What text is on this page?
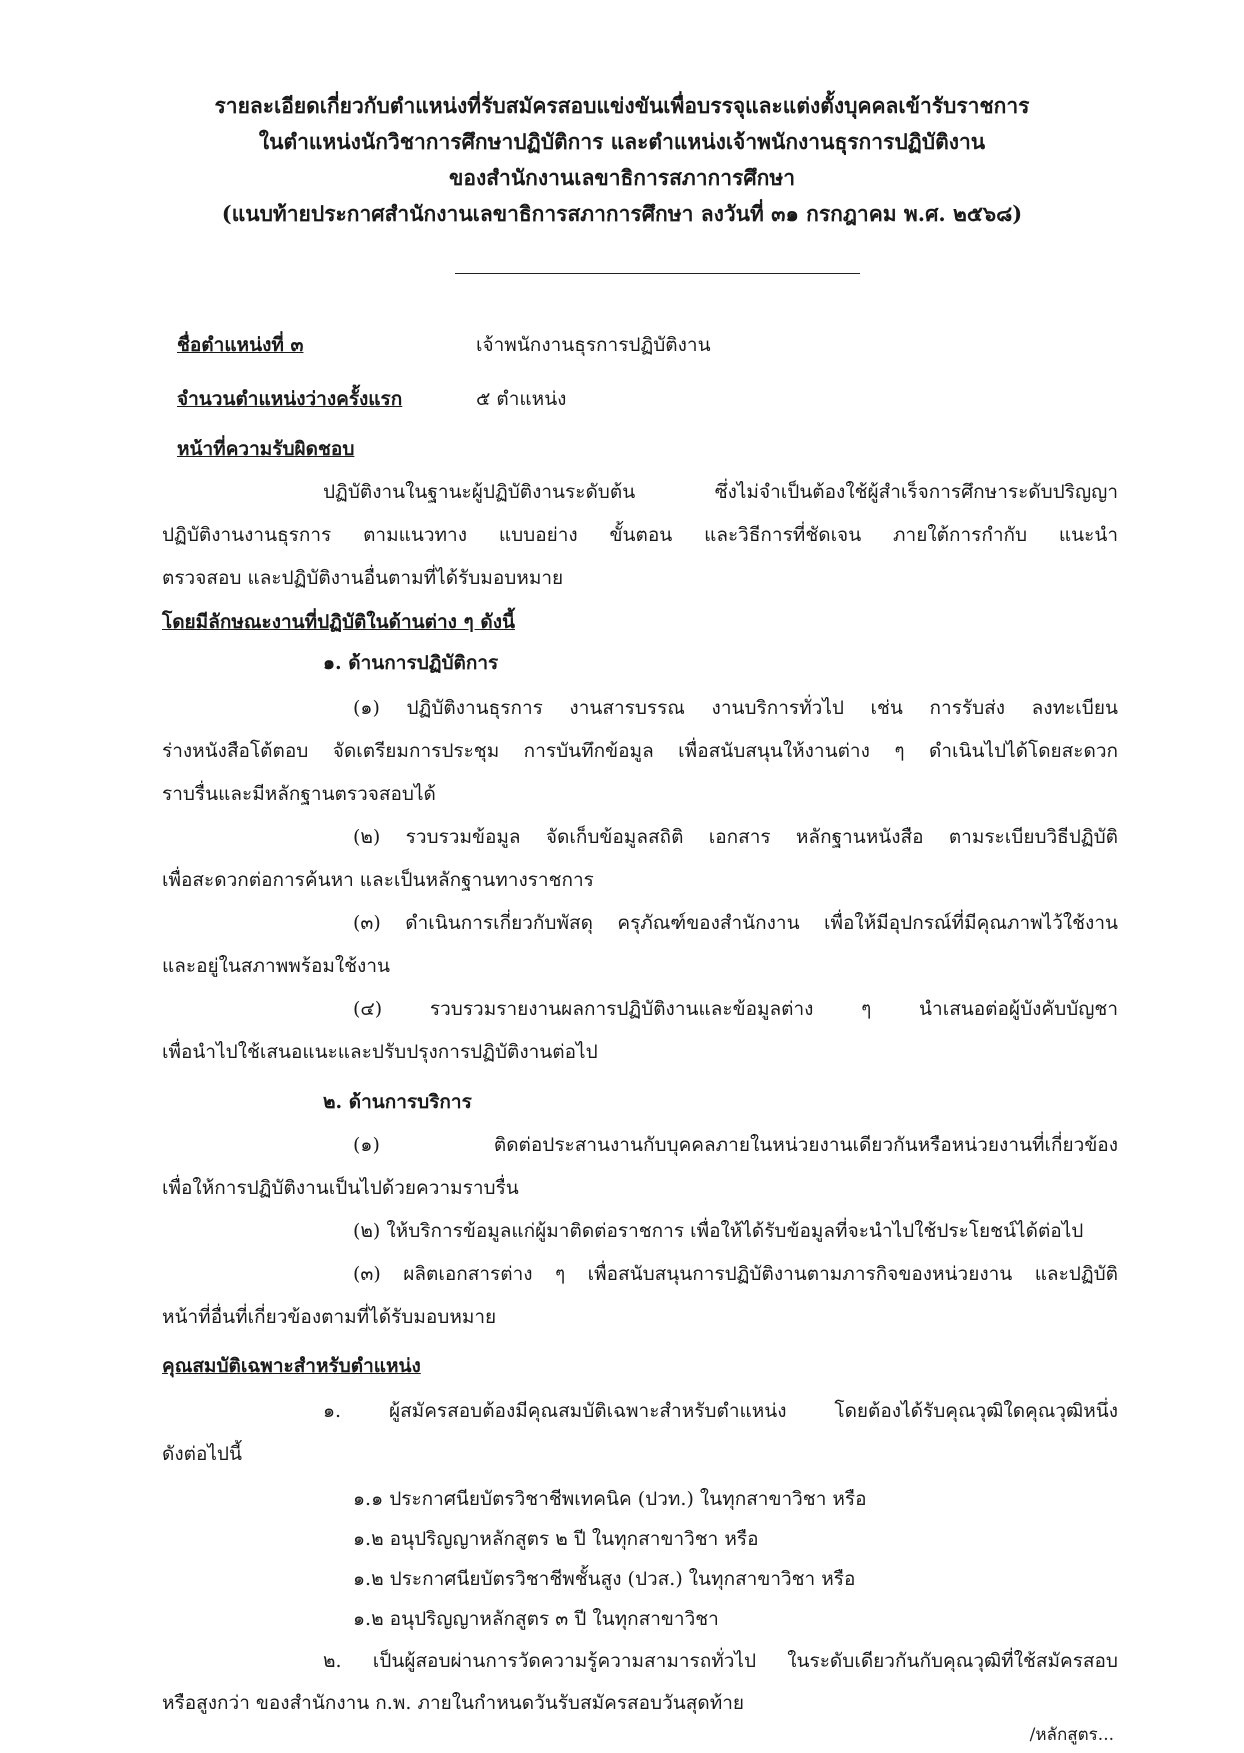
รายละเอียดเกี่ยวกับตำแหน่งที่รับสมัครสอบแข่งขันเพื่อบรรจุและแต่งตั้งบุคคลเข้ารับราชการ
ในตำแหน่งนักวิชาการศึกษาปฏิบัติการ และตำแหน่งเจ้าพนักงานธุรการปฏิบัติงาน
ของสำนักงานเลขาธิการสภาการศึกษา
(แนบท้ายประกาศสำนักงานเลขาธิการสภาการศึกษา ลงวันที่ ๓๑ กรกฎาคม พ.ศ. ๒๕๖๘)
ชื่อตำแหน่งที่ ๓	เจ้าพนักงานธุรการปฏิบัติงาน
จำนวนตำแหน่งว่างครั้งแรก	๕ ตำแหน่ง
หน้าที่ความรับผิดชอบ
ปฏิบัติงานในฐานะผู้ปฏิบัติงานระดับต้น ซึ่งไม่จำเป็นต้องใช้ผู้สำเร็จการศึกษาระดับปริญญา
ปฏิบัติงานงานธุรการ ตามแนวทาง แบบอย่าง ขั้นตอน และวิธีการที่ชัดเจน ภายใต้การกำกับ แนะนำ
ตรวจสอบ และปฏิบัติงานอื่นตามที่ได้รับมอบหมาย
โดยมีลักษณะงานที่ปฏิบัติในด้านต่าง ๆ ดังนี้
๑. ด้านการปฏิบัติการ
(๑) ปฏิบัติงานธุรการ งานสารบรรณ งานบริการทั่วไป เช่น การรับส่ง ลงทะเบียน
ร่างหนังสือโต้ตอบ จัดเตรียมการประชุม การบันทึกข้อมูล เพื่อสนับสนุนให้งานต่าง ๆ ดำเนินไปได้โดยสะดวก
ราบรื่นและมีหลักฐานตรวจสอบได้
(๒) รวบรวมข้อมูล จัดเก็บข้อมูลสถิติ เอกสาร หลักฐานหนังสือ ตามระเบียบวิธีปฏิบัติ
เพื่อสะดวกต่อการค้นหา และเป็นหลักฐานทางราชการ
(๓) ดำเนินการเกี่ยวกับพัสดุ ครุภัณฑ์ของสำนักงาน เพื่อให้มีอุปกรณ์ที่มีคุณภาพไว้ใช้งาน
และอยู่ในสภาพพร้อมใช้งาน
(๔) รวบรวมรายงานผลการปฏิบัติงานและข้อมูลต่าง ๆ นำเสนอต่อผู้บังคับบัญชา
เพื่อนำไปใช้เสนอแนะและปรับปรุงการปฏิบัติงานต่อไป
๒. ด้านการบริการ
(๑) ติดต่อประสานงานกับบุคคลภายในหน่วยงานเดียวกันหรือหน่วยงานที่เกี่ยวข้อง
เพื่อให้การปฏิบัติงานเป็นไปด้วยความราบรื่น
(๒) ให้บริการข้อมูลแก่ผู้มาติดต่อราชการ เพื่อให้ได้รับข้อมูลที่จะนำไปใช้ประโยชน์ได้ต่อไป
(๓) ผลิตเอกสารต่าง ๆ เพื่อสนับสนุนการปฏิบัติงานตามภารกิจของหน่วยงาน และปฏิบัติ
หน้าที่อื่นที่เกี่ยวข้องตามที่ได้รับมอบหมาย
คุณสมบัติเฉพาะสำหรับตำแหน่ง
๑. ผู้สมัครสอบต้องมีคุณสมบัติเฉพาะสำหรับตำแหน่ง โดยต้องได้รับคุณวุฒิใดคุณวุฒิหนึ่ง
ดังต่อไปนี้
๑.๑ ประกาศนียบัตรวิชาชีพเทคนิค (ปวท.) ในทุกสาขาวิชา หรือ
๑.๒ อนุปริญญาหลักสูตร ๒ ปี ในทุกสาขาวิชา หรือ
๑.๒ ประกาศนียบัตรวิชาชีพชั้นสูง (ปวส.) ในทุกสาขาวิชา หรือ
๑.๒ อนุปริญญาหลักสูตร ๓ ปี ในทุกสาขาวิชา
๒. เป็นผู้สอบผ่านการวัดความรู้ความสามารถทั่วไป ในระดับเดียวกันกับคุณวุฒิที่ใช้สมัครสอบ
หรือสูงกว่า ของสำนักงาน ก.พ. ภายในกำหนดวันรับสมัครสอบวันสุดท้าย
/หลักสูตร...
